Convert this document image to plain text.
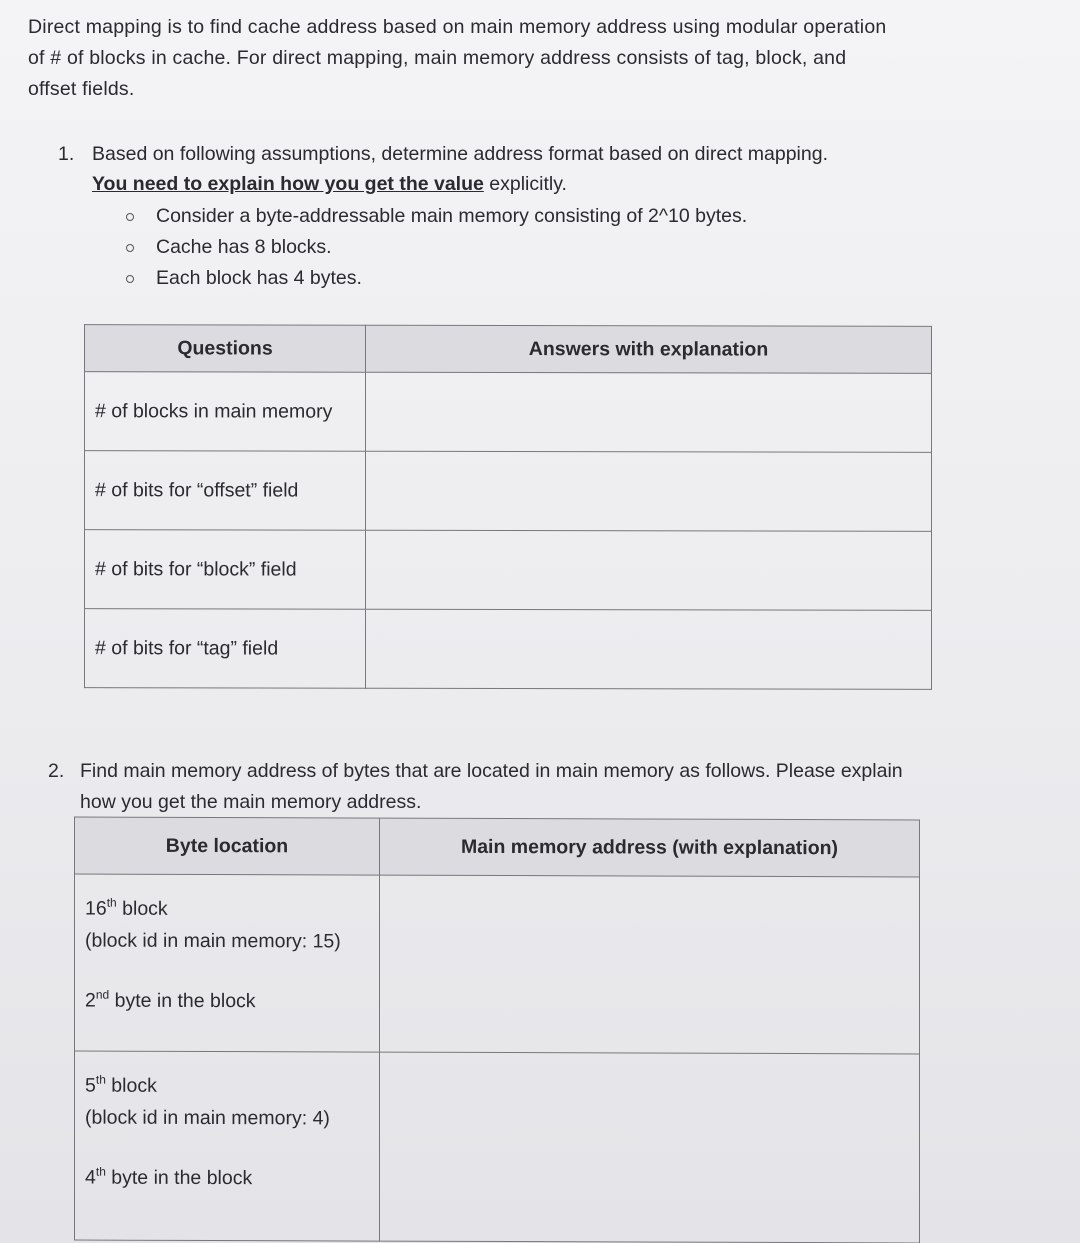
Direct mapping is to find cache address based on main memory address using modular operation of # of blocks in cache. For direct mapping, main memory address consists of tag, block, and offset fields.
1. Based on following assumptions, determine address format based on direct mapping.
You need to explain how you get the value explicitly.
Consider a byte-addressable main memory consisting of 2^10 bytes.
Cache has 8 blocks.
Each block has 4 bytes.
Questions	Answers with explanation
# of blocks in main memory	
# of bits for “offset” field	
# of bits for “block” field	
# of bits for “tag” field	
2. Find main memory address of bytes that are located in main memory as follows. Please explain how you get the main memory address.
Byte location	Main memory address (with explanation)

16th block
(block id in main memory: 15)
2nd byte in the block	

5th block
(block id in main memory: 4)
4th byte in the block	
